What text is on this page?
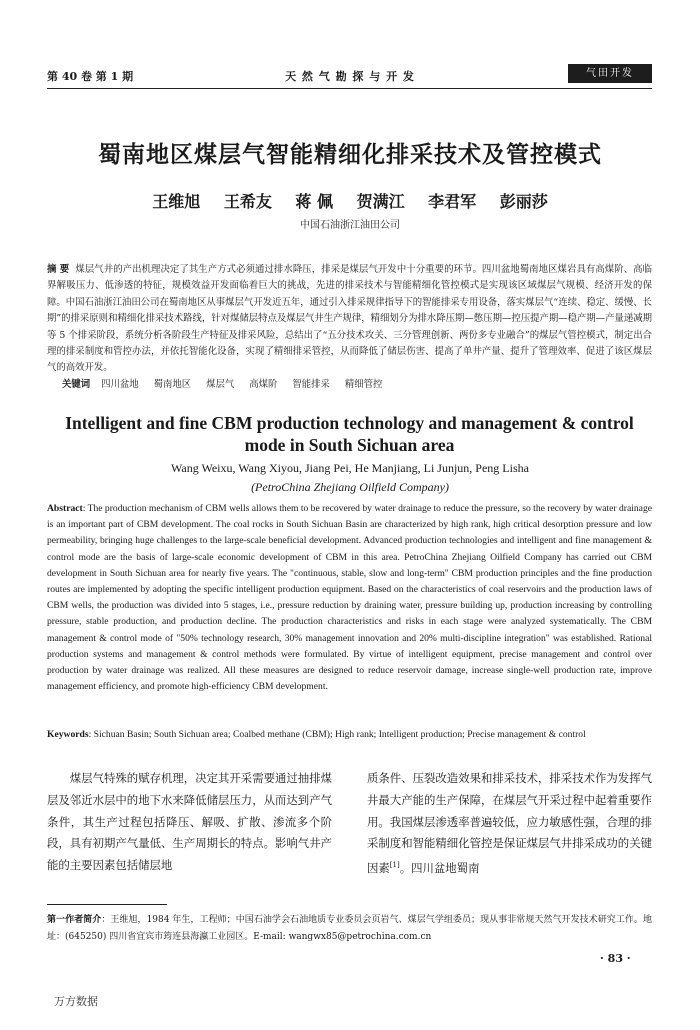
第 40 卷 第 1 期	天 然 气 勘 探 与 开 发	气田开发
蜀南地区煤层气智能精细化排采技术及管控模式
王维旭 王希友 蒋 佩 贺满江 李君军 彭丽莎
中国石油浙江油田公司
摘 要 煤层气井的产出机理决定了其生产方式必须通过排水降压，排采是煤层气开发中十分重要的环节。四川盆地蜀南地区煤岩具有高煤阶、高临界解吸压力、低渗透的特征，规模效益开发面临着巨大的挑战，先进的排采技术与智能精细化管控模式是实现该区域煤层气规模、经济开发的保障。中国石油浙江油田公司在蜀南地区从事煤层气开发近五年，通过引入排采规律指导下的智能排采专用设备，落实煤层气“连续、稳定、缓慢、长期”的排采原则和精细化排采技术路线，针对煤储层特点及煤层气井生产规律，精细划分为排水降压期—憋压期—控压提产期—稳产期—产量递减期等 5 个排采阶段，系统分析各阶段生产特征及排采风险，总结出了“五分技术攻关、三分管理创新、两份多专业融合”的煤层气管控模式，制定出合理的排采制度和管控办法，并依托智能化设备，实现了精细排采管控，从而降低了储层伤害、提高了单井产量、提升了管理效率、促进了该区煤层气的高效开发。
关键词 四川盆地 蜀南地区 煤层气 高煤阶 智能排采 精细管控
Intelligent and fine CBM production technology and management & control mode in South Sichuan area
Wang Weixu, Wang Xiyou, Jiang Pei, He Manjiang, Li Junjun, Peng Lisha
(PetroChina Zhejiang Oilfield Company)
Abstract: The production mechanism of CBM wells allows them to be recovered by water drainage to reduce the pressure, so the recovery by water drainage is an important part of CBM development. The coal rocks in South Sichuan Basin are characterized by high rank, high critical desorption pressure and low permeability, bringing huge challenges to the large-scale beneficial development. Advanced production technologies and intelligent and fine management & control mode are the basis of large-scale economic development of CBM in this area. PetroChina Zhejiang Oilfield Company has carried out CBM development in South Sichuan area for nearly five years. The "continuous, stable, slow and long-term" CBM production principles and the fine production routes are implemented by adopting the specific intelligent production equipment. Based on the characteristics of coal reservoirs and the production laws of CBM wells, the production was divided into 5 stages, i.e., pressure reduction by draining water, pressure building up, production increasing by controlling pressure, stable production, and production decline. The production characteristics and risks in each stage were analyzed systematically. The CBM management & control mode of "50% technology research, 30% management innovation and 20% multi-discipline integration" was established. Rational production systems and management & control methods were formulated. By virtue of intelligent equipment, precise management and control over production by water drainage was realized. All these measures are designed to reduce reservoir damage, increase single-well production rate, improve management efficiency, and promote high-efficiency CBM development.
Keywords: Sichuan Basin; South Sichuan area; Coalbed methane (CBM); High rank; Intelligent production; Precise management & control
煤层气特殊的赋存机理，决定其开采需要通过抽排煤层及邻近水层中的地下水来降低储层压力，从而达到产气条件，其生产过程包括降压、解吸、扩散、渗流多个阶段，具有初期产气量低、生产周期长的特点。影响气井产能的主要因素包括储层地
质条件、压裂改造效果和排采技术，排采技术作为发挥气井最大产能的生产保障，在煤层气开采过程中起着重要作用。我国煤层渗透率普遍较低，应力敏感性强，合理的排采制度和智能精细化管控是保证煤层气井排采成功的关键因素[1]。四川盆地蜀南
第一作者简介：王维旭，1984 年生，工程师；中国石油学会石油地质专业委员会页岩气、煤层气学组委员；现从事非常规天然气开发技术研究工作。地址：(645250) 四川省宜宾市筠连县海瀛工业园区。E-mail: wangwx85@petrochina.com.cn
· 83 ·
万方数据
